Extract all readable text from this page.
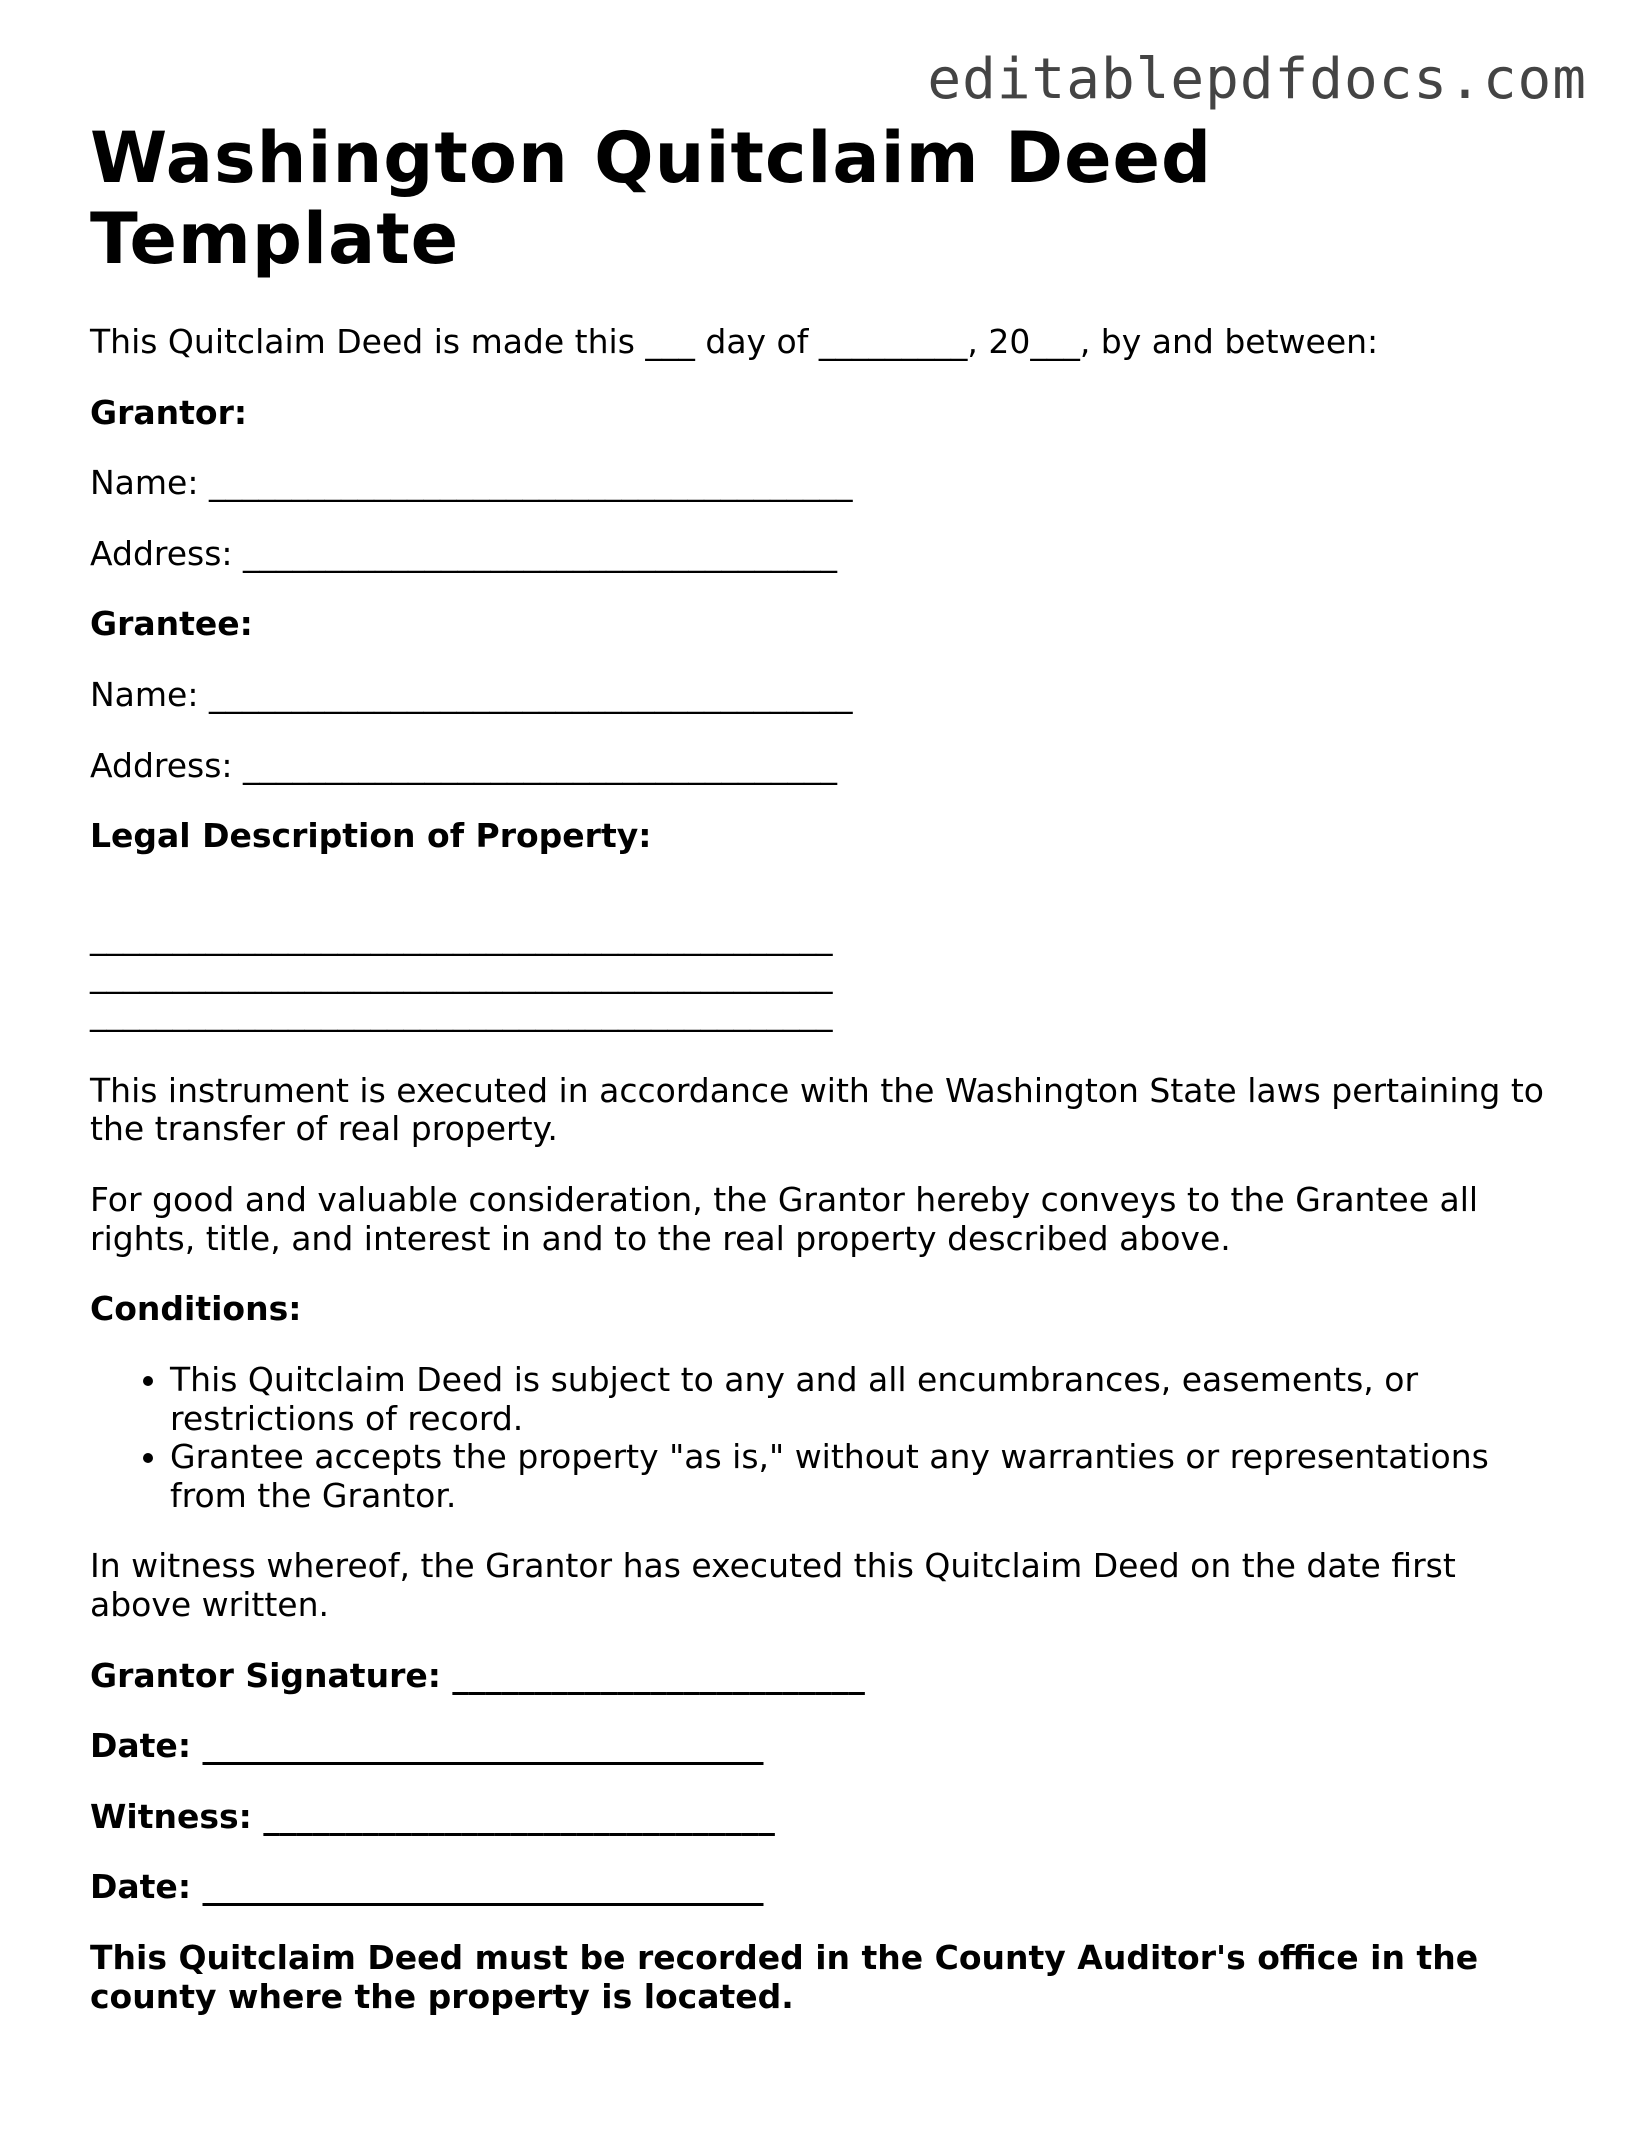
editablepdfdocs.com
Washington Quitclaim Deed Template

This Quitclaim Deed is made this ___ day of _________, 20___, by and between:

Grantor:

Name: _______________________________________

Address: ____________________________________

Grantee:

Name: _______________________________________

Address: ____________________________________

Legal Description of Property:

_____________________________________________
_____________________________________________
_____________________________________________

This instrument is executed in accordance with the Washington State laws pertaining to the transfer of real property.

For good and valuable consideration, the Grantor hereby conveys to the Grantee all rights, title, and interest in and to the real property described above.

Conditions:

• This Quitclaim Deed is subject to any and all encumbrances, easements, or restrictions of record.
• Grantee accepts the property "as is," without any warranties or representations from the Grantor.

In witness whereof, the Grantor has executed this Quitclaim Deed on the date first above written.

Grantor Signature: _________________________

Date: __________________________________

Witness: _______________________________

Date: __________________________________

This Quitclaim Deed must be recorded in the County Auditor's office in the county where the property is located.
